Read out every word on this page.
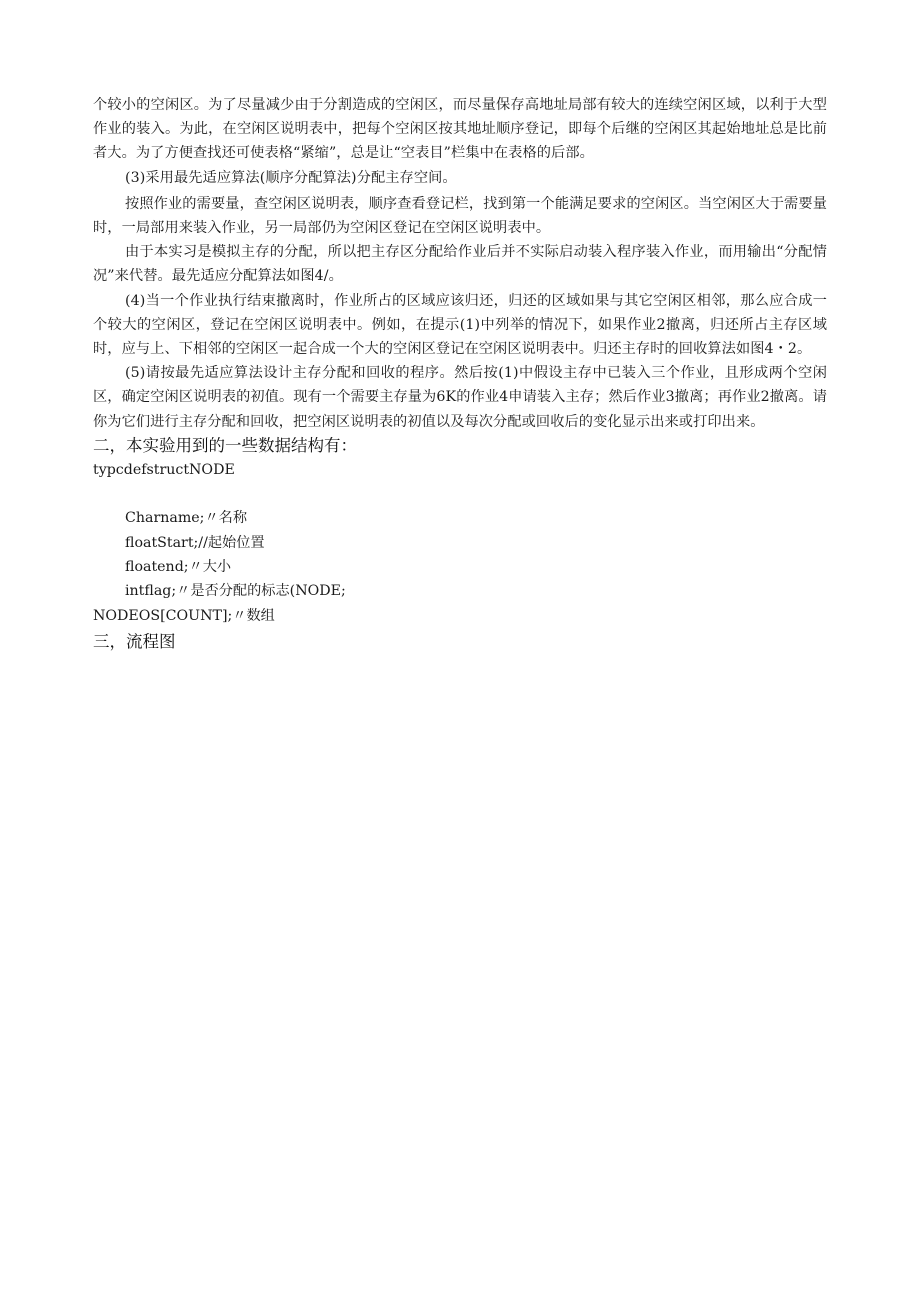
个较小的空闲区。为了尽量减少由于分割造成的空闲区，而尽量保存高地址局部有较大的连续空闲区域，以利于大型作业的装入。为此，在空闲区说明表中，把每个空闲区按其地址顺序登记，即每个后继的空闲区其起始地址总是比前者大。为了方便查找还可使表格“紧缩”，总是让“空表目”栏集中在表格的后部。

(3)采用最先适应算法(顺序分配算法)分配主存空间。

按照作业的需要量，查空闲区说明表，顺序查看登记栏，找到第一个能满足要求的空闲区。当空闲区大于需要量时，一局部用来装入作业，另一局部仍为空闲区登记在空闲区说明表中。

由于本实习是模拟主存的分配，所以把主存区分配给作业后并不实际启动装入程序装入作业，而用输出“分配情况”来代替。最先适应分配算法如图4/。

(4)当一个作业执行结束撤离时，作业所占的区域应该归还，归还的区域如果与其它空闲区相邻，那么应合成一个较大的空闲区，登记在空闲区说明表中。例如，在提示(1)中列举的情况下，如果作业2撤离，归还所占主存区域时，应与上、下相邻的空闲区一起合成一个大的空闲区登记在空闲区说明表中。归还主存时的回收算法如图4・2。

(5)请按最先适应算法设计主存分配和回收的程序。然后按(1)中假设主存中已装入三个作业，且形成两个空闲区，确定空闲区说明表的初值。现有一个需要主存量为6K的作业4申请装入主存；然后作业3撤离；再作业2撤离。请你为它们进行主存分配和回收，把空闲区说明表的初值以及每次分配或回收后的变化显示出来或打印出来。

二，本实验用到的一些数据结构有：

typcdefstructNODE

Charname;〃名称

floatStart;//起始位置

floatend;〃大小

intflag;〃是否分配的标志(NODE;

NODEOS[COUNT];〃数组

三，流程图
